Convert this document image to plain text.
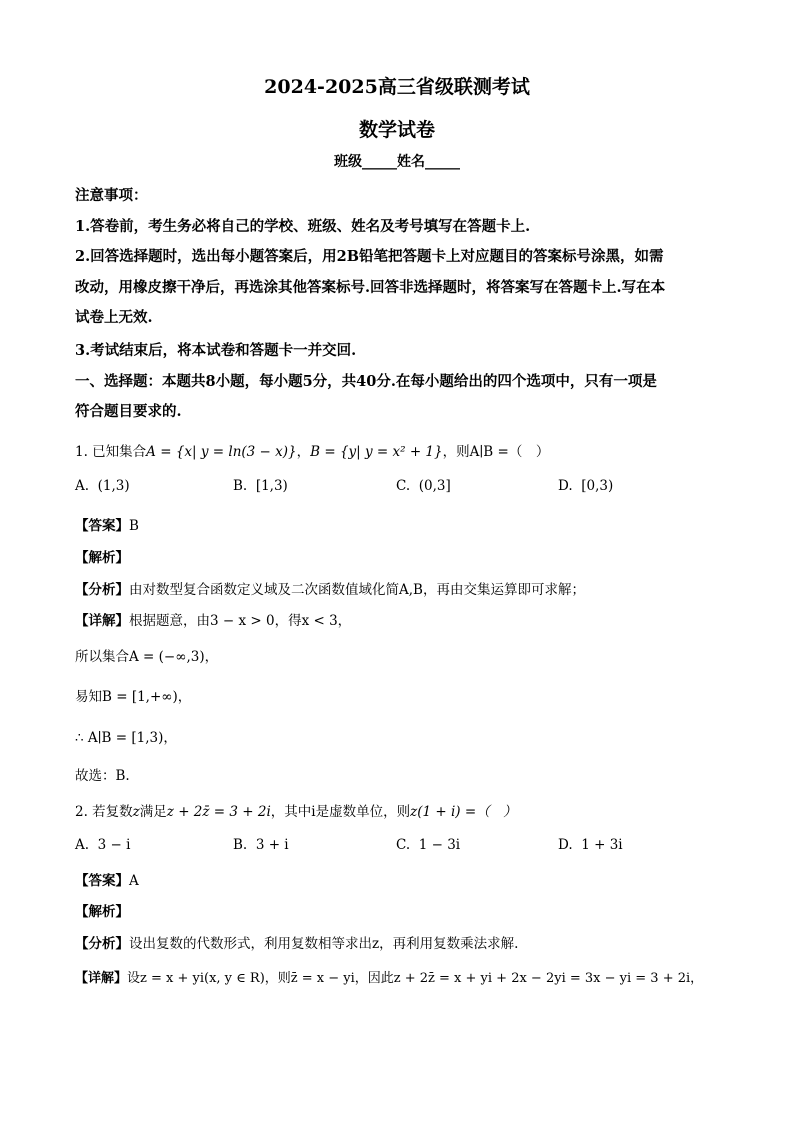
2024-2025高三省级联测考试
数学试卷
班级_____姓名_____
注意事项：
1.答卷前，考生务必将自己的学校、班级、姓名及考号填写在答题卡上.
2.回答选择题时，选出每小题答案后，用2B铅笔把答题卡上对应题目的答案标号涂黑，如需
改动，用橡皮擦干净后，再选涂其他答案标号.回答非选择题时，将答案写在答题卡上.写在本
试卷上无效.
3.考试结束后，将本试卷和答题卡一并交回.
一、选择题：本题共8小题，每小题5分，共40分.在每小题给出的四个选项中，只有一项是
符合题目要求的.
1. 已知集合A = {x| y = ln(3 − x)}，B = {y| y = x² + 1}，则A∣B =（　）
A. (1,3)	B. [1,3)	C. (0,3]	D. [0,3)
【答案】B
【解析】
【分析】由对数型复合函数定义域及二次函数值域化简A,B，再由交集运算即可求解；
【详解】根据题意，由3 − x > 0，得x < 3，
所以集合A = (−∞,3)，
易知B = [1,+∞)，
∴ A∣B = [1,3)，
故选：B.
2. 若复数z满足z + 2z̄ = 3 + 2i，其中i是虚数单位，则z(1 + i) =（　）
A. 3 − i	B. 3 + i	C. 1 − 3i	D. 1 + 3i
【答案】A
【解析】
【分析】设出复数的代数形式，利用复数相等求出z，再利用复数乘法求解.
【详解】设z = x + yi(x, y ∈ R)，则z̄ = x − yi，因此z + 2z̄ = x + yi + 2x − 2yi = 3x − yi = 3 + 2i，
